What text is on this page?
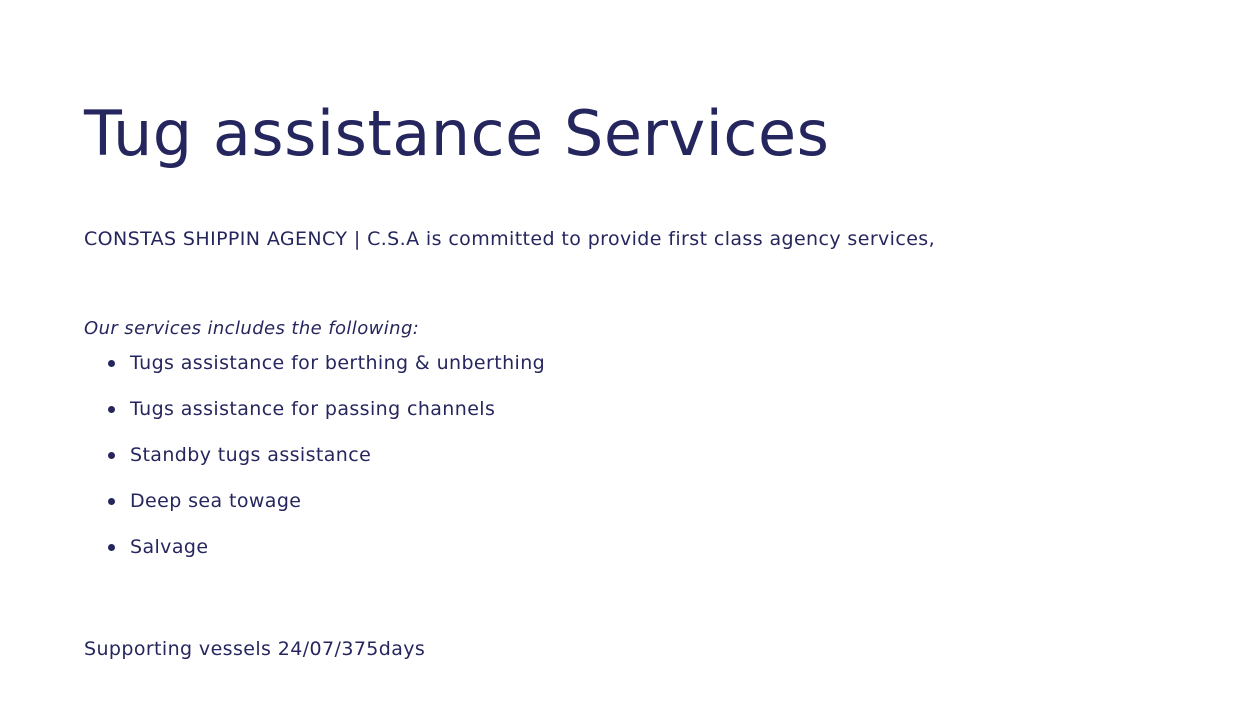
Tug assistance Services

CONSTAS SHIPPIN AGENCY | C.S.A is committed to provide first class agency services,

Our services includes the following:

Tugs assistance for berthing & unberthing
Tugs assistance for passing channels
Standby tugs assistance
Deep sea towage
Salvage

Supporting vessels 24/07/375days
